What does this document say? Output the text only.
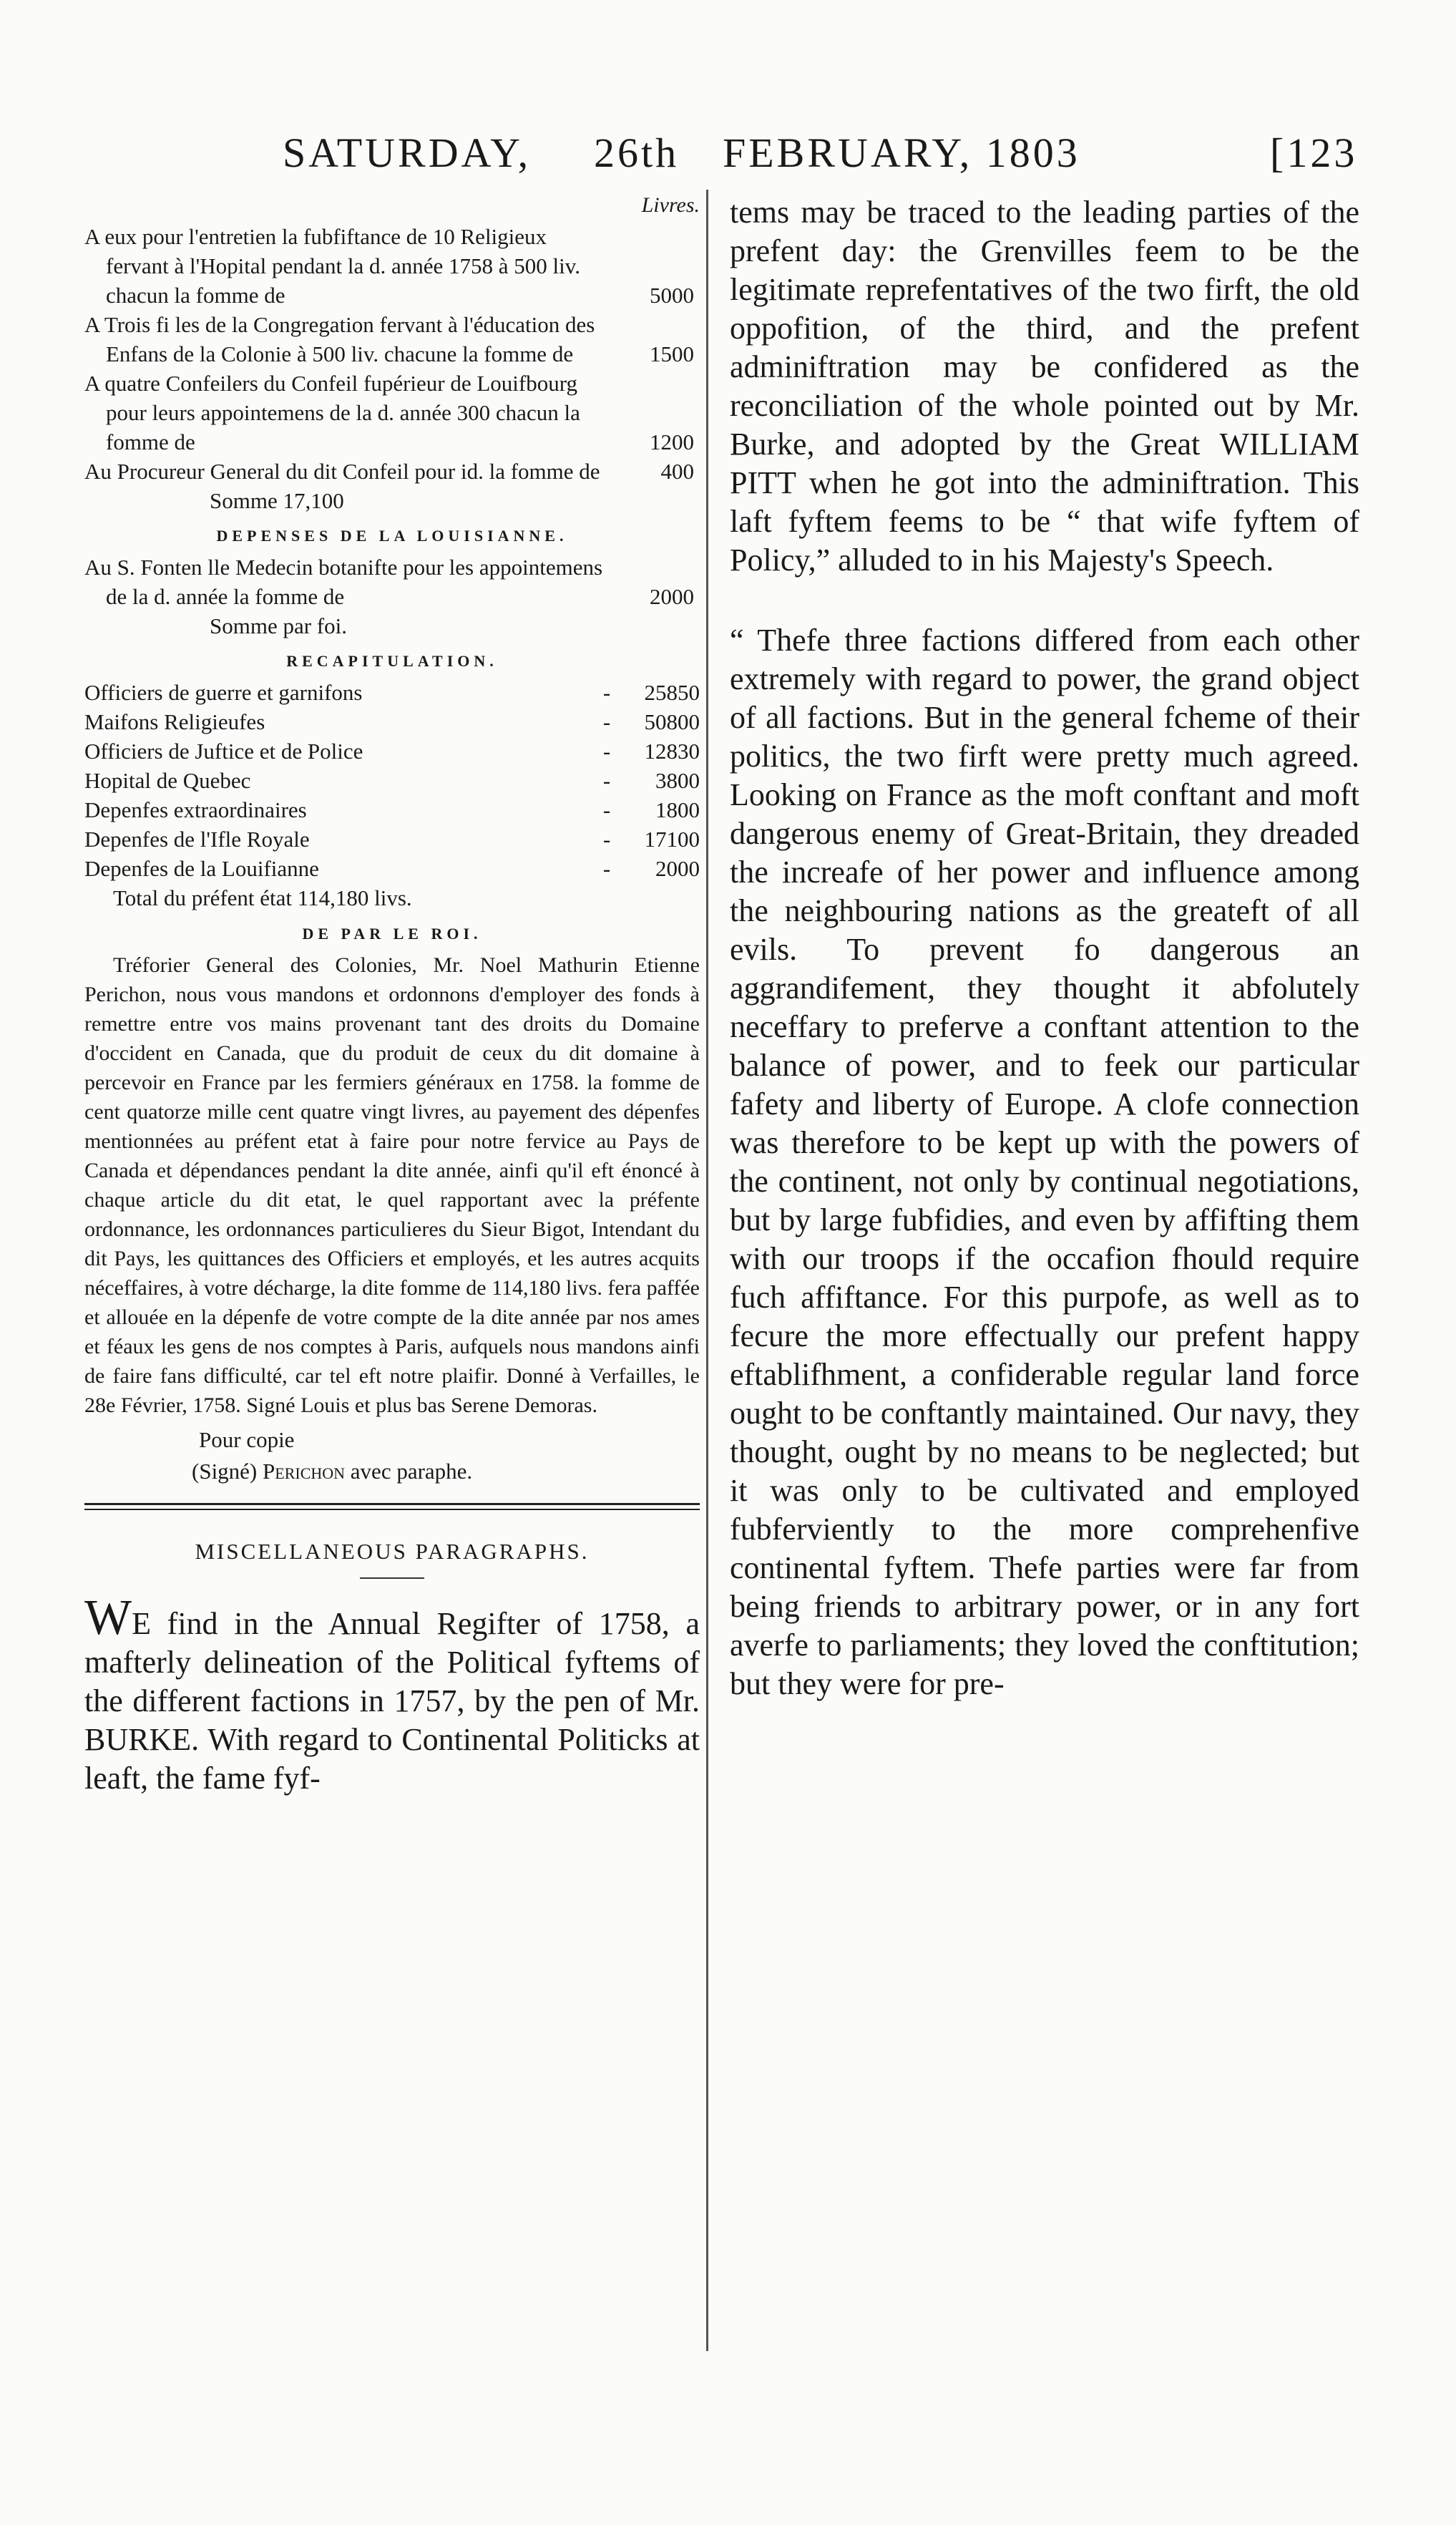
SATURDAY, 26th FEBRUARY, 1803	[123
Livres.
A eux pour l'entretien la fubfiftance de 10 Religieux fervant à l'Hopital pendant la d. année 1758 à 500 liv. chacun la fomme de	5000
A Trois fi les de la Congregation fervant à l'éducation des Enfans de la Colonie à 500 liv. chacune la fomme de	1500
A quatre Confeilers du Confeil fupérieur de Louifbourg pour leurs appointemens de la d. année 300 chacun la fomme de	1200
Au Procureur General du dit Confeil pour id. la fomme de	400
Somme 17,100
DEPENSES DE LA LOUISIANNE.
Au S. Fonten lle Medecin botanifte pour les appointemens de la d. année la fomme de	2000
Somme par foi.
RECAPITULATION.
Officiers de guerre et garnifons	-	25850
Maifons Religieufes	-	50800
Officiers de Juftice et de Police	-	12830
Hopital de Quebec	-	3800
Depenfes extraordinaires	-	1800
Depenfes de l'Ifle Royale	-	17100
Depenfes de la Louifianne	-	2000
Total du préfent état 114,180 livs.
DE PAR LE ROI.
Tréforier General des Colonies, Mr. Noel Mathurin Etienne Perichon, nous vous mandons et ordonnons d'employer des fonds à remettre entre vos mains provenant tant des droits du Domaine d'occident en Canada, que du produit de ceux du dit domaine à percevoir en France par les fermiers généraux en 1758. la fomme de cent quatorze mille cent quatre vingt livres, au payement des dépenfes mentionnées au préfent etat à faire pour notre fervice au Pays de Canada et dépendances pendant la dite année, ainfi qu'il eft énoncé à chaque article du dit etat, le quel rapportant avec la préfente ordonnance, les ordonnances particulieres du Sieur Bigot, Intendant du dit Pays, les quittances des Officiers et employés, et les autres acquits néceffaires, à votre décharge, la dite fomme de 114,180 livs. fera paffée et allouée en la dépenfe de votre compte de la dite année par nos ames et féaux les gens de nos comptes à Paris, aufquels nous mandons ainfi de faire fans difficulté, car tel eft notre plaifir. Donné à Verfailles, le 28e Février, 1758. Signé Louis et plus bas Serene Demoras.
Pour copie
(Signé) Perichon avec paraphe.
MISCELLANEOUS PARAGRAPHS.
WE find in the Annual Regifter of 1758, a mafterly delineation of the Political fyftems of the different factions in 1757, by the pen of Mr. BURKE. With regard to Continental Politicks at leaft, the fame fyf-

tems may be traced to the leading parties of the prefent day: the Grenvilles feem to be the legitimate reprefentatives of the two firft, the old oppofition, of the third, and the prefent adminiftration may be confidered as the reconciliation of the whole pointed out by Mr. Burke, and adopted by the Great WILLIAM PITT when he got into the adminiftration. This laft fyftem feems to be “ that wife fyftem of Policy,” alluded to in his Majesty's Speech.

“ Thefe three factions differed from each other extremely with regard to power, the grand object of all factions. But in the general fcheme of their politics, the two firft were pretty much agreed. Looking on France as the moft conftant and moft dangerous enemy of Great-Britain, they dreaded the increafe of her power and influence among the neighbouring nations as the greateft of all evils. To prevent fo dangerous an aggrandifement, they thought it abfolutely neceffary to preferve a conftant attention to the balance of power, and to feek our particular fafety and liberty of Europe. A clofe connection was therefore to be kept up with the powers of the continent, not only by continual negotiations, but by large fubfidies, and even by affifting them with our troops if the occafion fhould require fuch affiftance. For this purpofe, as well as to fecure the more effectually our prefent happy eftablifhment, a confiderable regular land force ought to be conftantly maintained. Our navy, they thought, ought by no means to be neglected; but it was only to be cultivated and employed fubferviently to the more comprehenfive continental fyftem. Thefe parties were far from being friends to arbitrary power, or in any fort averfe to parliaments; they loved the conftitution; but they were for pre-
